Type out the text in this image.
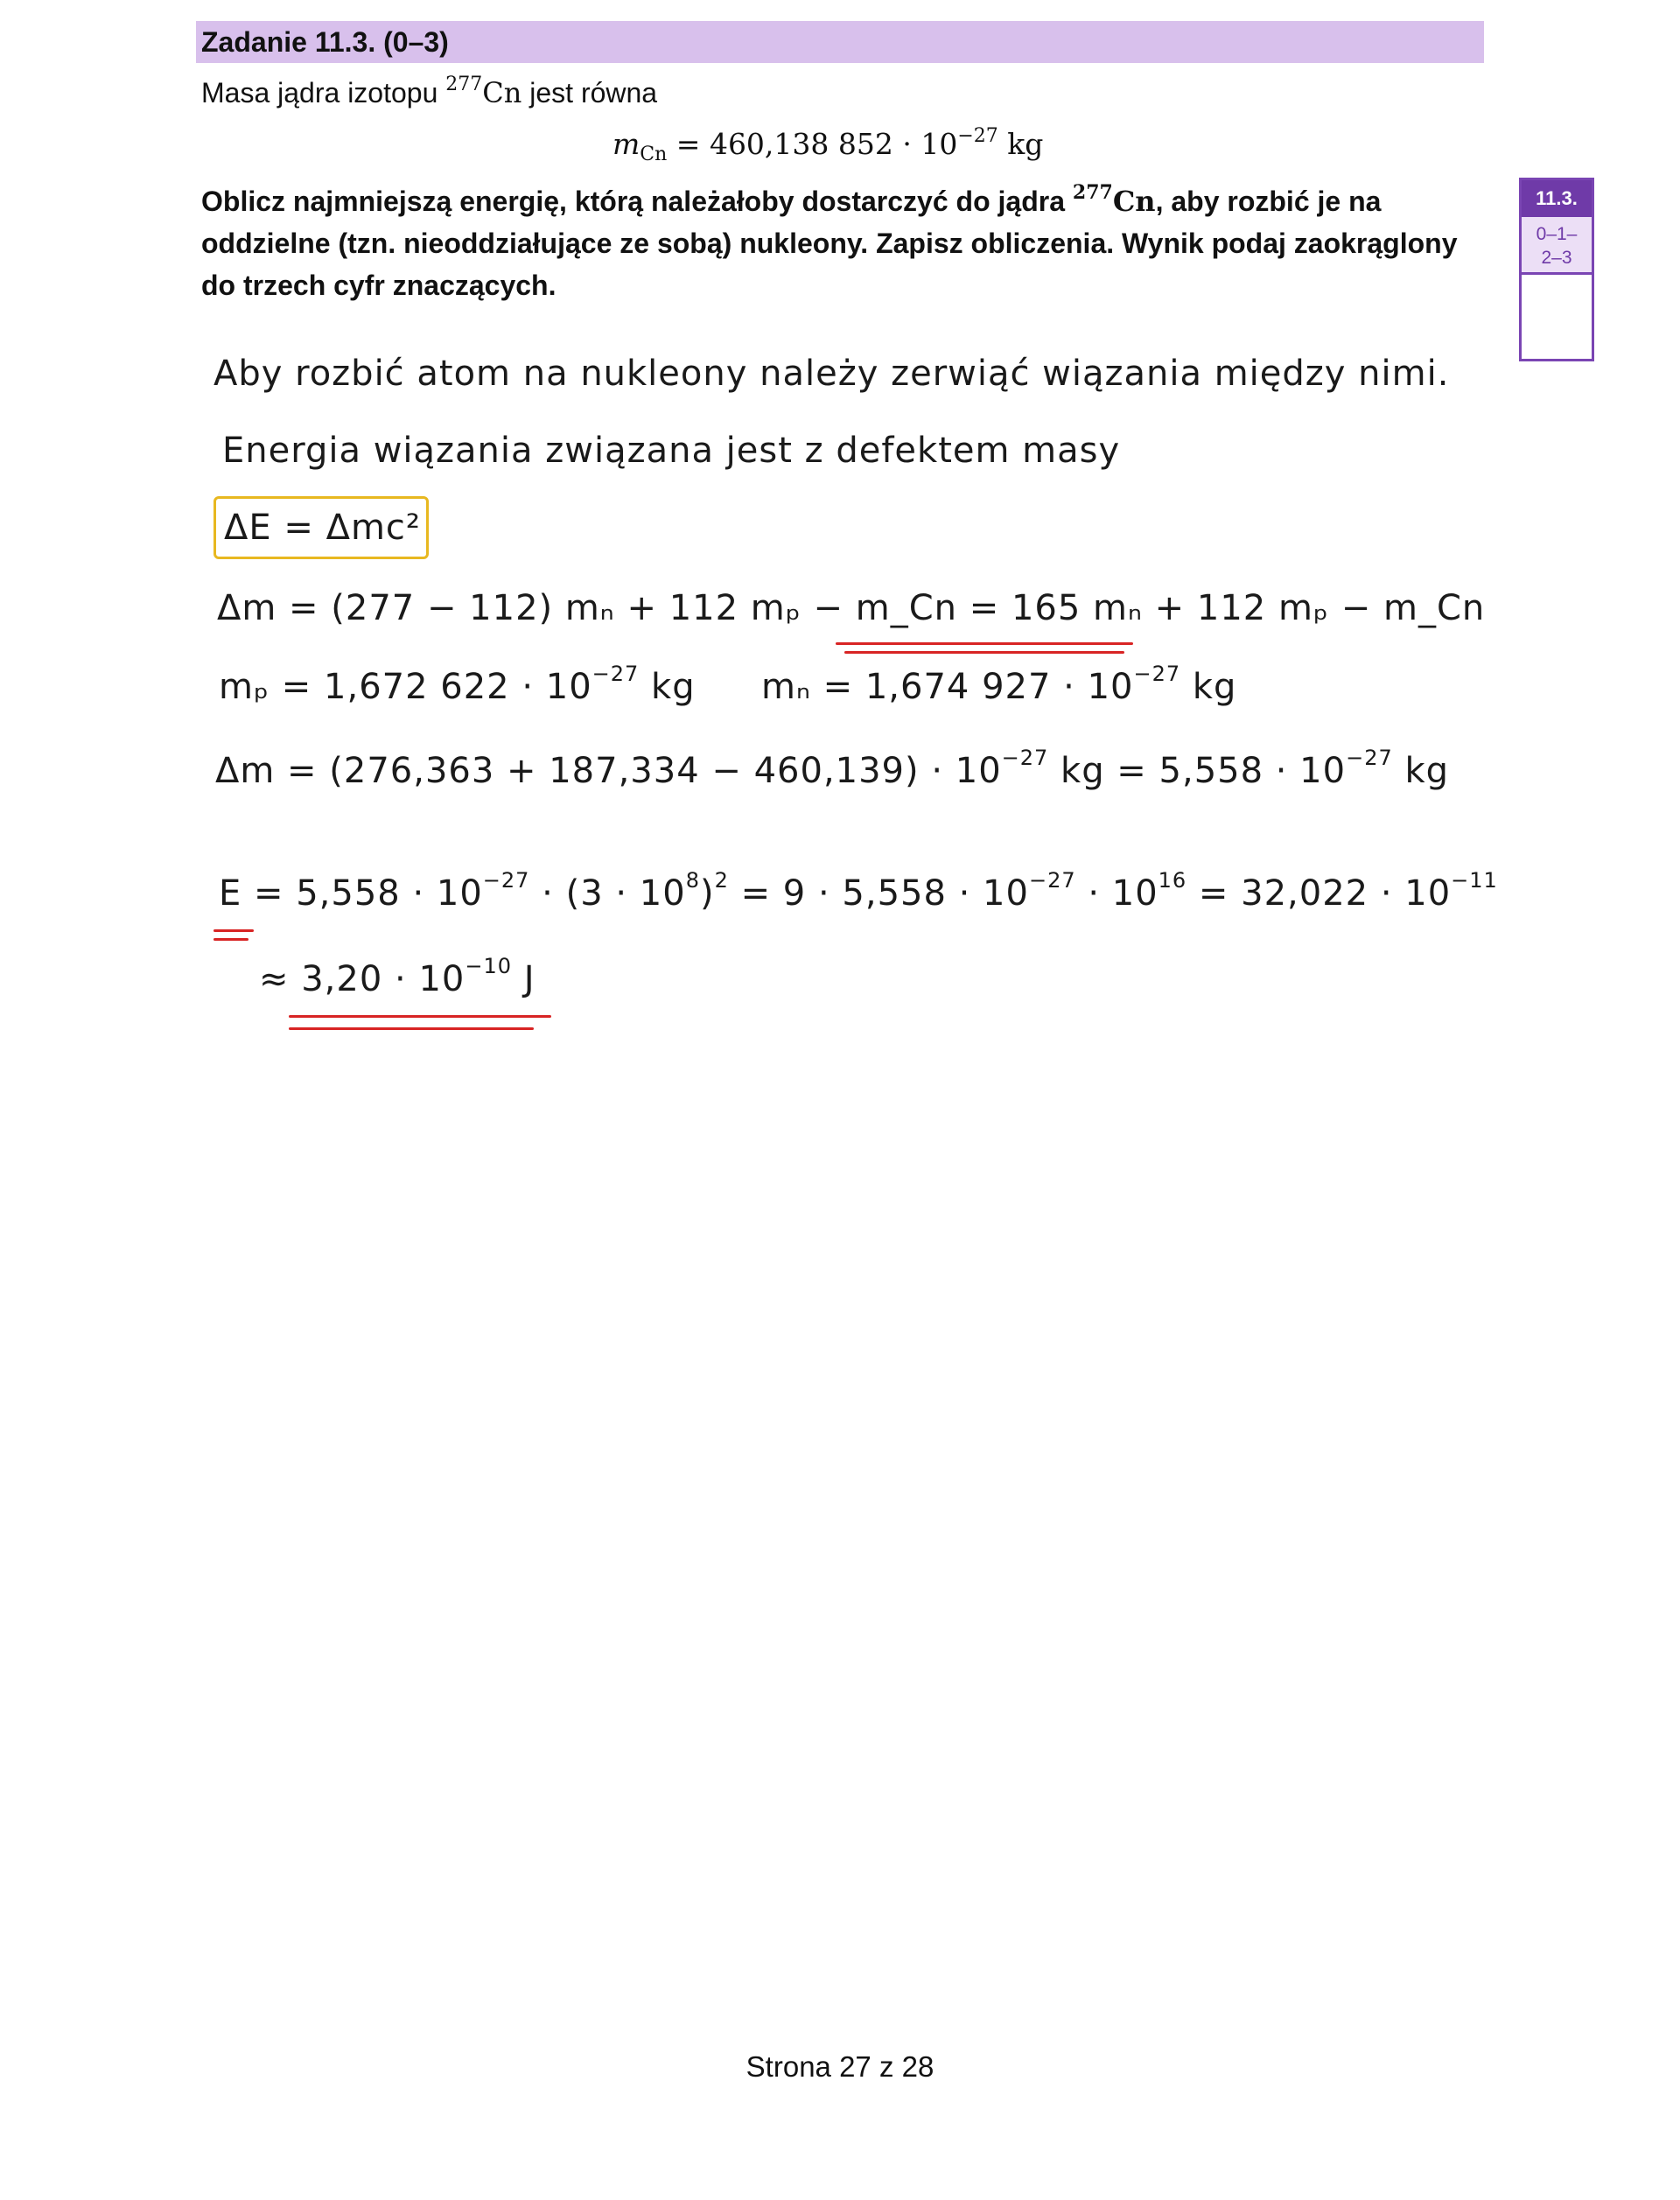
Zadanie 11.3. (0–3)
Masa jądra izotopu $^{277}$Cn jest równa
$m_{Cn} = 460,138$ $852 \cdot 10^{-27}$ kg
Oblicz najmniejszą energię, którą należałoby dostarczyć do jądra $^{277}$Cn, aby rozbić je na oddzielne (tzn. nieoddziałujące ze sobą) nukleony. Zapisz obliczenia. Wynik podaj zaokrąglony do trzech cyfr znaczących.
11.3.
0–1–
2–3
Aby rozbić atom na nukleony należy zerwiąć wiązania między nimi.
Energia wiązania związana jest z defektem masy
ΔE = Δmc²
Δm = (277 − 112) mₙ + 112 mₚ − m_Cn = 165 mₙ + 112 mₚ − m_Cn
mₚ = 1,672 $622 \cdot 10^{-27}$ kg mₙ = 1,674 $927 \cdot 10^{-27}$ kg
$\Delta m = (276,363 + 187,334 - 460,139) \cdot 10^{-27}$ kg = $5,558 \cdot 10^{-27}$ kg
$E = 5,558 \cdot 10^{-27} \cdot (3 \cdot 10^8)^2 = 9 \cdot 5,558 \cdot 10^{-27} \cdot 10^{16} = 32,022 \cdot 10^{-11}$
≈ $3,20 \cdot 10^{-10}$ J
Strona 27 z 28
